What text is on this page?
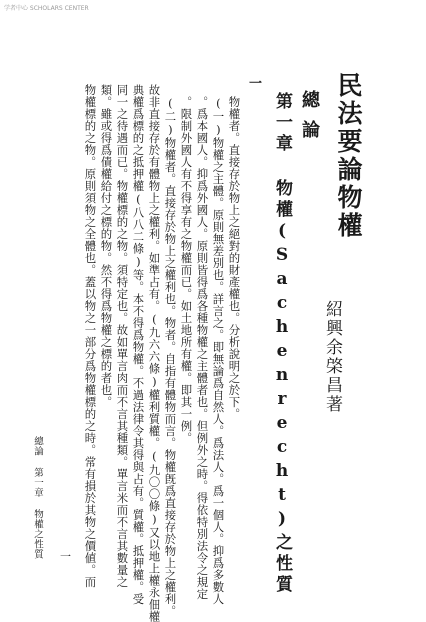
学者中心 SCHOLARS CENTER
民法要論物權
紹興余棨昌著
總論
第一章 物權(Sachenrecht)之性質
一
物權者。直接存於物上之絕對的財產權也。分析說明之於下。
(一)物權之主體。原則無差別也。詳言之。即無論爲自然人。爲法人。爲一個人。抑爲多數人
。爲本國人。抑爲外國人。原則皆得爲各種物權之主體者也。但例外之時。得依特別法令之規定
。限制外國人有不得享有之物權而已。如土地所有權。即其一例。
(二)物權者。直接存於物上之權利也。物者。自指有體物而言。物權旣爲直接存於物上之權利。
故非直接存於有體物上之權利。如準占有。(九六六條)權利質權。(九〇〇條)又以地上權永佃權
典權爲標的之抵押權(八八二條)等。本不得爲物權。不過法律令其得與占有。質權。抵押權。受
同一之待遇而已。物權標的之物。須特定也。故如單言肉而不言其種類。單言米而不言其數量之
類。雖或得爲債權給付之標的物。然不得爲物權之標的者也。
物權標的之物。原則須物之全體也。蓋以物之一部分爲物權標的之時。常有損於其物之價値。而
總論 第一章 物權之性質 一
